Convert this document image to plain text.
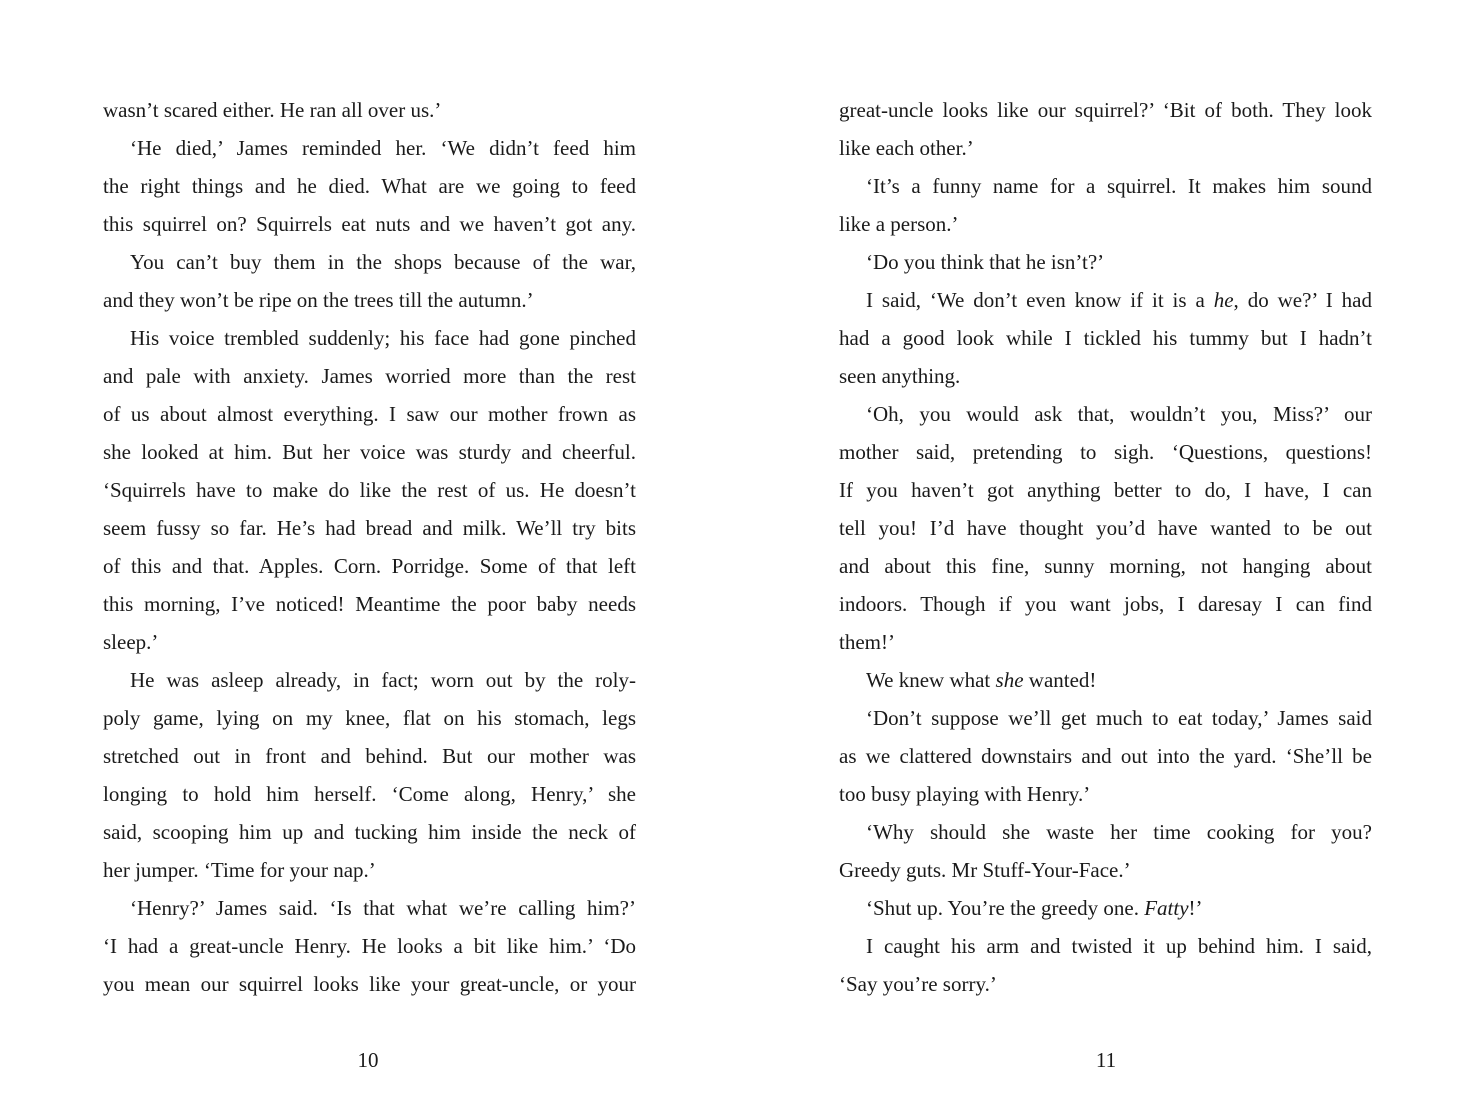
wasn’t scared either. He ran all over us.’
‘He died,’ James reminded her. ‘We didn’t feed him
the right things and he died. What are we going to feed
this squirrel on? Squirrels eat nuts and we haven’t got any.
You can’t buy them in the shops because of the war,
and they won’t be ripe on the trees till the autumn.’
His voice trembled suddenly; his face had gone pinched
and pale with anxiety. James worried more than the rest
of us about almost everything. I saw our mother frown as
she looked at him. But her voice was sturdy and cheerful.
‘Squirrels have to make do like the rest of us. He doesn’t
seem fussy so far. He’s had bread and milk. We’ll try bits
of this and that. Apples. Corn. Porridge. Some of that left
this morning, I’ve noticed! Meantime the poor baby needs
sleep.’
He was asleep already, in fact; worn out by the roly-
poly game, lying on my knee, flat on his stomach, legs
stretched out in front and behind. But our mother was
longing to hold him herself. ‘Come along, Henry,’ she
said, scooping him up and tucking him inside the neck of
her jumper. ‘Time for your nap.’
‘Henry?’ James said. ‘Is that what we’re calling him?’
‘I had a great-uncle Henry. He looks a bit like him.’ ‘Do
you mean our squirrel looks like your great-uncle, or your
10
great-uncle looks like our squirrel?’ ‘Bit of both. They look
like each other.’
‘It’s a funny name for a squirrel. It makes him sound
like a person.’
‘Do you think that he isn’t?’
I said, ‘We don’t even know if it is a he, do we?’ I had
had a good look while I tickled his tummy but I hadn’t
seen anything.
‘Oh, you would ask that, wouldn’t you, Miss?’ our
mother said, pretending to sigh. ‘Questions, questions!
If you haven’t got anything better to do, I have, I can
tell you! I’d have thought you’d have wanted to be out
and about this fine, sunny morning, not hanging about
indoors. Though if you want jobs, I daresay I can find
them!’
We knew what she wanted!
‘Don’t suppose we’ll get much to eat today,’ James said
as we clattered downstairs and out into the yard. ‘She’ll be
too busy playing with Henry.’
‘Why should she waste her time cooking for you?
Greedy guts. Mr Stuff-Your-Face.’
‘Shut up. You’re the greedy one. Fatty!’
I caught his arm and twisted it up behind him. I said,
‘Say you’re sorry.’
11
